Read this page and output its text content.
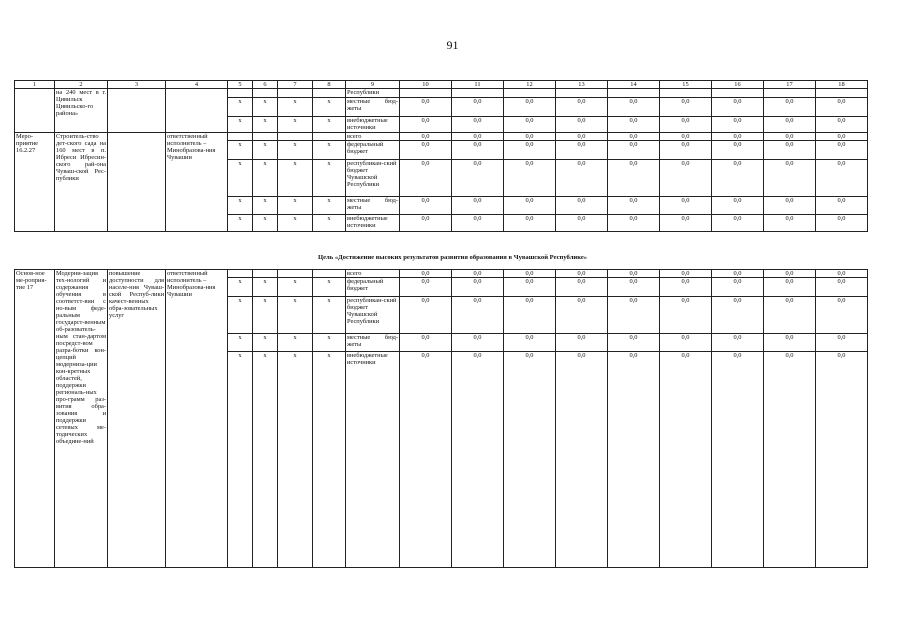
91
1	2	3	4	5	6	7	8	9	10	11	12	13	14	15	16	17	18
	на 240 мест в г. Цивильск Цивильско-го района»							Республики									
				x	x	x	x	местные бюд-жеты	0,0	0,0	0,0	0,0	0,0	0,0	0,0	0,0	0,0
				x	x	x	x	внебюджетные источники	0,0	0,0	0,0	0,0	0,0	0,0	0,0	0,0	0,0
Меро-приятие 16.2.27	Строитель-ство дет-ского сада на 160 мест в п. Ибреси Ибресин-ского рай-она Чуваш-ской Рес-публики		ответственный исполнитель – Минобразова-ния Чувашии					всего	0,0	0,0	0,0	0,0	0,0	0,0	0,0	0,0	0,0
				x	x	x	x	федеральный бюджет	0,0	0,0	0,0	0,0	0,0	0,0	0,0	0,0	0,0
				x	x	x	x	республикан-ский бюджет Чувашской Республики	0,0	0,0	0,0	0,0	0,0	0,0	0,0	0,0	0,0
				x	x	x	x	местные бюд-жеты	0,0	0,0	0,0	0,0	0,0	0,0	0,0	0,0	0,0
				x	x	x	x	внебюджетные источники	0,0	0,0	0,0	0,0	0,0	0,0	0,0	0,0	0,0
Цель «Достижение высоких результатов развития образования в Чувашской Республике»
Основ-ное ме-роприя-тие 17	Модерни-зация тех-нологий и содержания обучения в соответст-вии с но-вым феде-ральным государст-венным об-разователь-ным стан-дартом посредст-вом разра-ботки кон-цепций модерниза-ции кон-кретных областей, поддержки региональ-ных про-грамм раз-вития обра-зования и поддержки сетевых ме-тодических объедине-ний	повышение доступности для населе-ния Чуваш-ской Респуб-лики качест-венных обра-зовательных услуг	ответственный исполнитель – Минобразова-ния Чувашии					всего	0,0	0,0	0,0	0,0	0,0	0,0	0,0	0,0	0,0
				x	x	x	x	федеральный бюджет	0,0	0,0	0,0	0,0	0,0	0,0	0,0	0,0	0,0
				x	x	x	x	республикан-ский бюджет Чувашской Республики	0,0	0,0	0,0	0,0	0,0	0,0	0,0	0,0	0,0
				x	x	x	x	местные бюд-жеты	0,0	0,0	0,0	0,0	0,0	0,0	0,0	0,0	0,0
				x	x	x	x	внебюджетные источники	0,0	0,0	0,0	0,0	0,0	0,0	0,0	0,0	0,0
